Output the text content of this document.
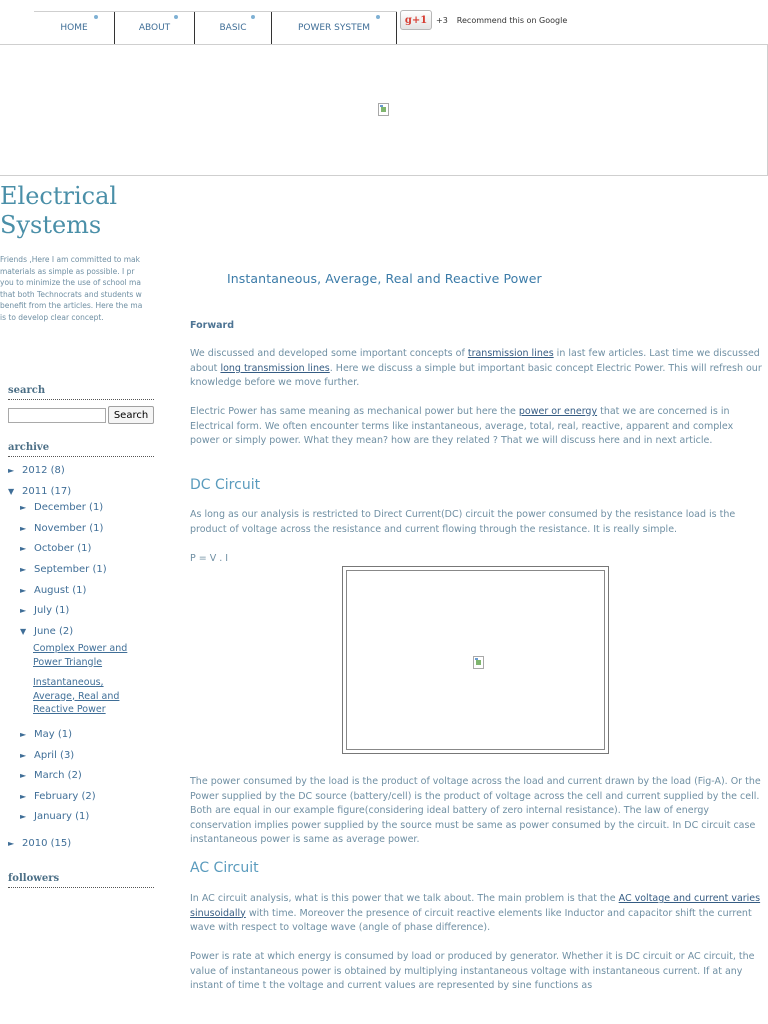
HOME	ABOUT	BASIC	POWER SYSTEM
g+1 +3 Recommend this on Google
Electrical Systems
Friends ,Here I am committed to mak
materials as simple as possible. I pr
you to minimize the use of school ma
that both Technocrats and students w
benefit from the articles. Here the ma
is to develop clear concept.
search
Search
archive
► 2012 (8)
▼ 2011 (17)
► December (1)
► November (1)
► October (1)
► September (1)
► August (1)
► July (1)
▼ June (2)
Complex Power and Power Triangle
Instantaneous, Average, Real and Reactive Power
► May (1)
► April (3)
► March (2)
► February (2)
► January (1)
► 2010 (15)
followers
Instantaneous, Average, Real and Reactive Power
Forward
We discussed and developed some important concepts of transmission lines in last few articles. Last time we discussed about long transmission lines. Here we discuss a simple but important basic concept Electric Power. This will refresh our knowledge before we move further.
Electric Power has same meaning as mechanical power but here the power or energy that we are concerned is in Electrical form. We often encounter terms like instantaneous, average, total, real, reactive, apparent and complex power or simply power. What they mean? how are they related ? That we will discuss here and in next article.
DC Circuit
As long as our analysis is restricted to Direct Current(DC) circuit the power consumed by the resistance load is the product of voltage across the resistance and current flowing through the resistance. It is really simple.
P = V . I
The power consumed by the load is the product of voltage across the load and current drawn by the load (Fig-A). Or the Power supplied by the DC source (battery/cell) is the product of voltage across the cell and current supplied by the cell. Both are equal in our example figure(considering ideal battery of zero internal resistance). The law of energy conservation implies power supplied by the source must be same as power consumed by the circuit. In DC circuit case instantaneous power is same as average power.
AC Circuit
In AC circuit analysis, what is this power that we talk about. The main problem is that the AC voltage and current varies sinusoidally with time. Moreover the presence of circuit reactive elements like Inductor and capacitor shift the current wave with respect to voltage wave (angle of phase difference).
Power is rate at which energy is consumed by load or produced by generator. Whether it is DC circuit or AC circuit, the value of instantaneous power is obtained by multiplying instantaneous voltage with instantaneous current. If at any instant of time t the voltage and current values are represented by sine functions as
